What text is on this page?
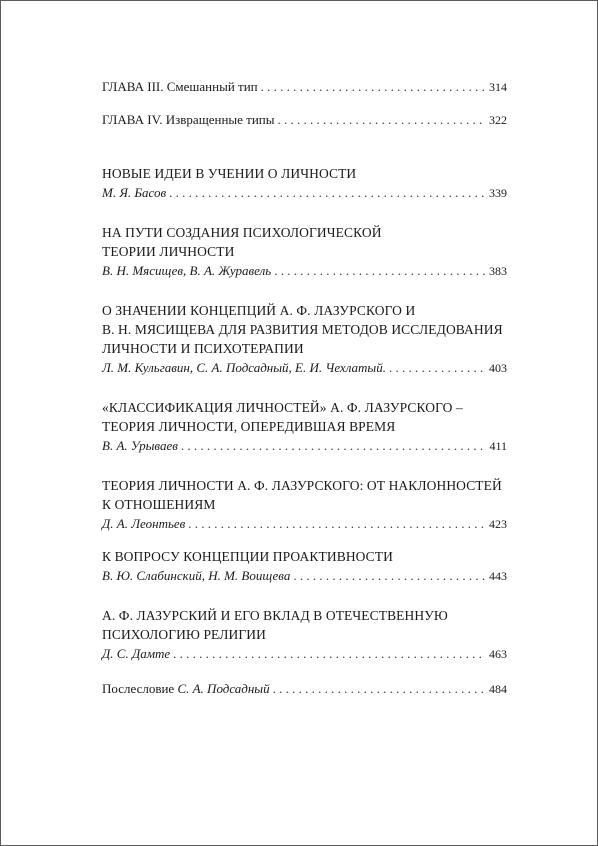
ГЛАВА III. Смешанный тип . . .	314
ГЛАВА IV. Извращенные типы . . .	322
НОВЫЕ ИДЕИ В УЧЕНИИ О ЛИЧНОСТИ
М. Я. Басов . . .	339
НА ПУТИ СОЗДАНИЯ ПСИХОЛОГИЧЕСКОЙ
ТЕОРИИ ЛИЧНОСТИ
В. Н. Мясищев, В. А. Журавель . . .	383
О ЗНАЧЕНИИ КОНЦЕПЦИЙ А. Ф. ЛАЗУРСКОГО И
В. Н. МЯСИЩЕВА ДЛЯ РАЗВИТИЯ МЕТОДОВ ИССЛЕДОВАНИЯ
ЛИЧНОСТИ И ПСИХОТЕРАПИИ
Л. М. Кульгавин, С. А. Подсадный, Е. И. Чехлатый. . . .	403
«КЛАССИФИКАЦИЯ ЛИЧНОСТЕЙ» А. Ф. ЛАЗУРСКОГО –
ТЕОРИЯ ЛИЧНОСТИ, ОПЕРЕДИВШАЯ ВРЕМЯ
В. А. Урываев . . .	411
ТЕОРИЯ ЛИЧНОСТИ А. Ф. ЛАЗУРСКОГО: ОТ НАКЛОННОСТЕЙ
К ОТНОШЕНИЯМ
Д. А. Леонтьев . . .	423
К ВОПРОСУ КОНЦЕПЦИИ ПРОАКТИВНОСТИ
В. Ю. Слабинский, Н. М. Воищева . . .	443
А. Ф. ЛАЗУРСКИЙ И ЕГО ВКЛАД В ОТЕЧЕСТВЕННУЮ
ПСИХОЛОГИЮ РЕЛИГИИ
Д. С. Дамте . . .	463
Послесловие С. А. Подсадный . . .	484
